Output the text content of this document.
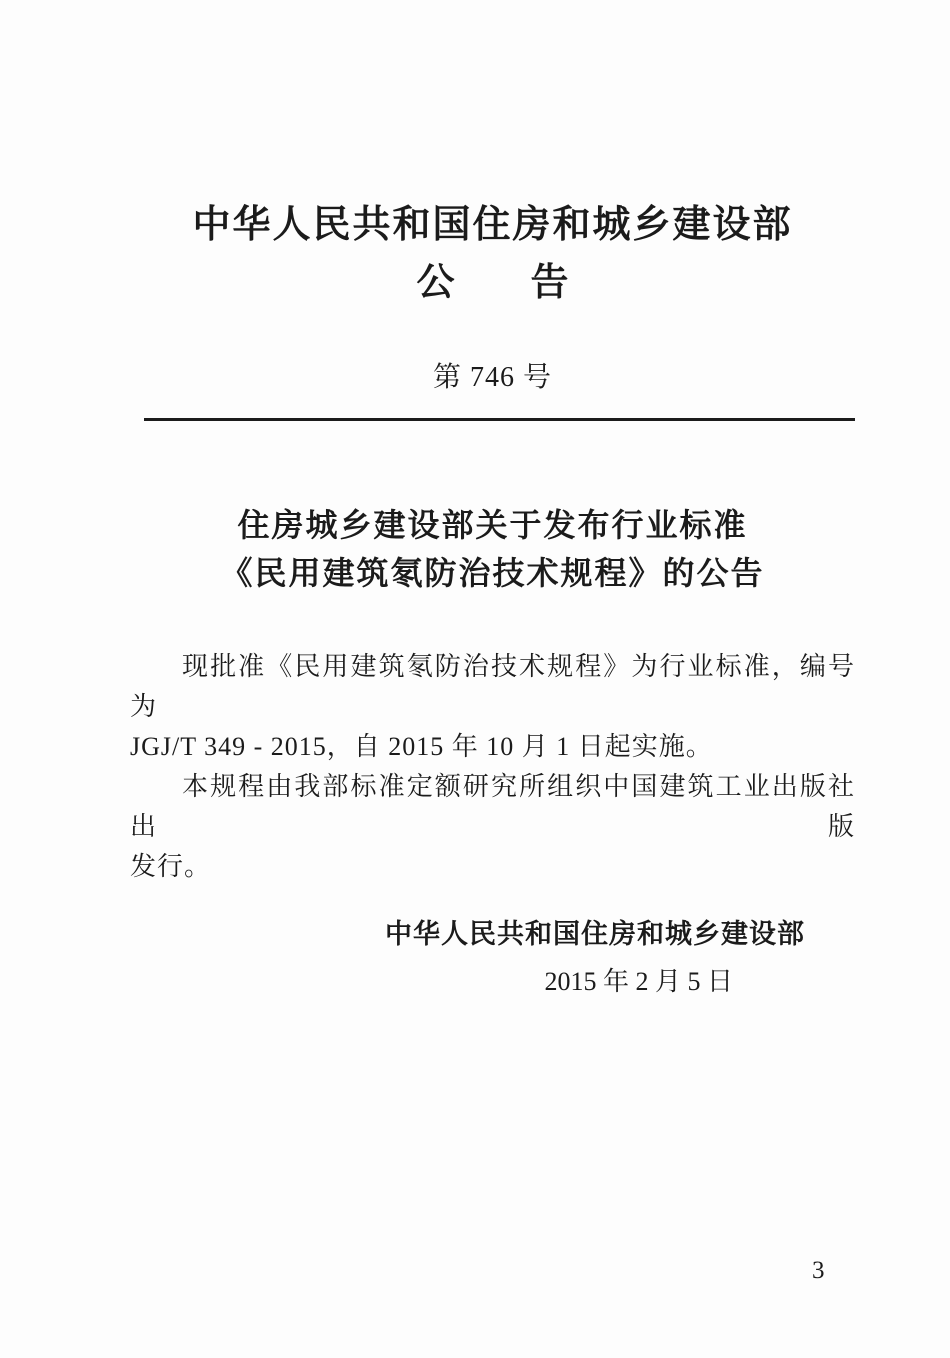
中华人民共和国住房和城乡建设部
公　　告
第 746 号
住房城乡建设部关于发布行业标准
《民用建筑氡防治技术规程》的公告
现批准《民用建筑氡防治技术规程》为行业标准，编号为
JGJ/T 349 - 2015，自 2015 年 10 月 1 日起实施。
本规程由我部标准定额研究所组织中国建筑工业出版社出版
发行。
中华人民共和国住房和城乡建设部
2015 年 2 月 5 日
3
